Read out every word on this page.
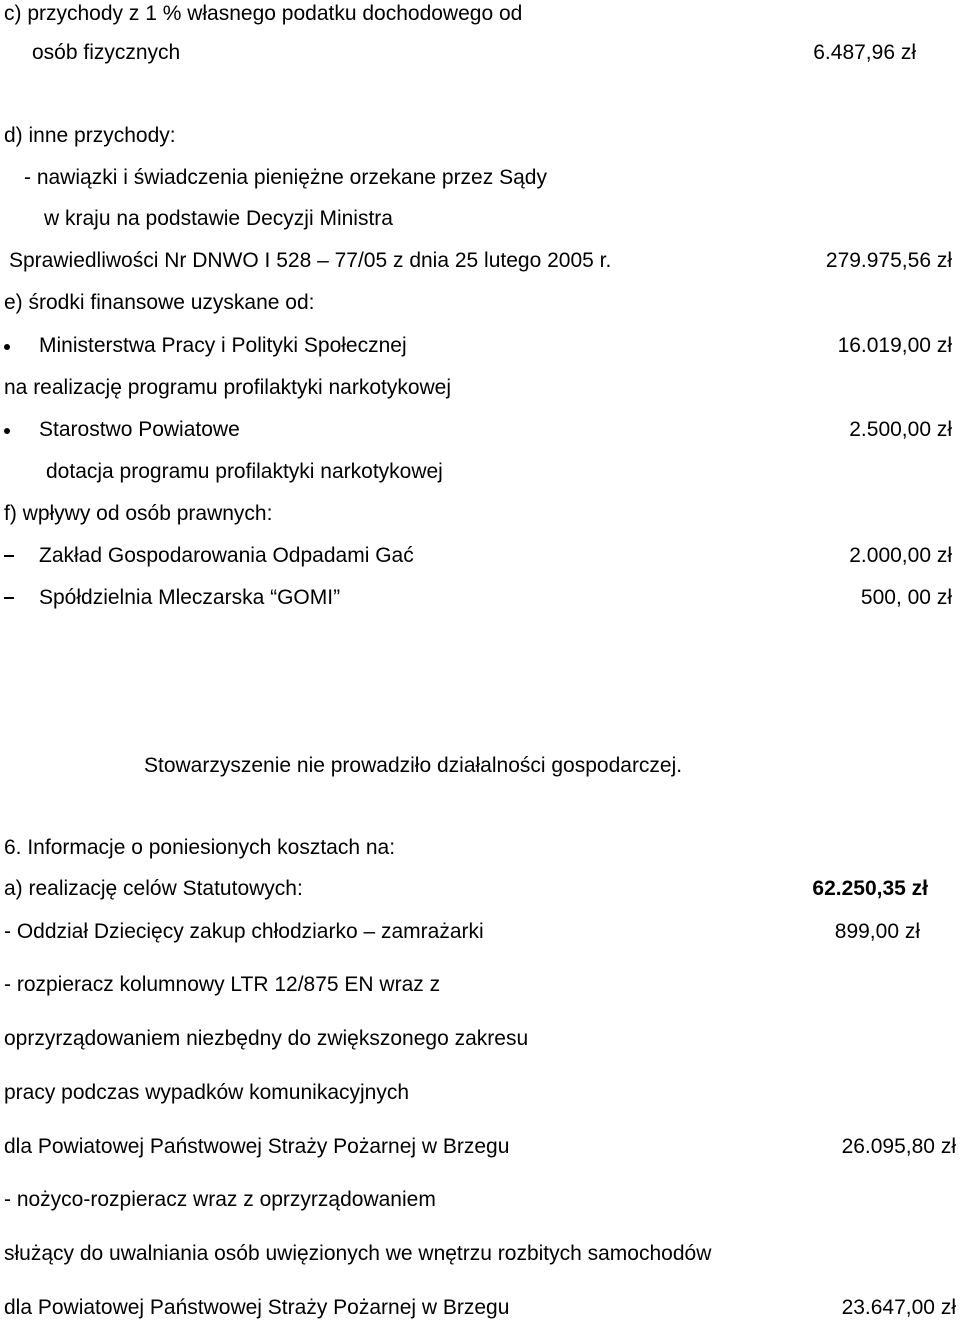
c) przychody z 1 % własnego podatku dochodowego od
osób fizycznych	6.487,96 zł
d) inne przychody:
- nawiązki i świadczenia pieniężne orzekane przez Sądy
w kraju na podstawie Decyzji Ministra
Sprawiedliwości Nr DNWO I 528 – 77/05 z dnia 25 lutego 2005 r.	279.975,56 zł
e) środki finansowe uzyskane od:
Ministerstwa Pracy i Polityki Społecznej	16.019,00 zł
na realizację programu profilaktyki narkotykowej
Starostwo Powiatowe	2.500,00 zł
dotacja programu profilaktyki narkotykowej
f) wpływy od osób prawnych:
Zakład Gospodarowania Odpadami Gać	2.000,00 zł
Spółdzielnia Mleczarska “GOMI”	500, 00 zł
Stowarzyszenie nie prowadziło działalności gospodarczej.
6. Informacje o poniesionych kosztach na:
a) realizację celów Statutowych:	62.250,35 zł
- Oddział Dziecięcy zakup chłodziarko – zamrażarki	899,00 zł
- rozpieracz kolumnowy LTR 12/875 EN wraz z
oprzyrządowaniem niezbędny do zwiększonego zakresu
pracy podczas wypadków komunikacyjnych
dla Powiatowej Państwowej Straży Pożarnej w Brzegu	26.095,80 zł
- nożyco-rozpieracz wraz z oprzyrządowaniem
służący do uwalniania osób uwięzionych we wnętrzu rozbitych samochodów
dla Powiatowej Państwowej Straży Pożarnej w Brzegu	23.647,00 zł
